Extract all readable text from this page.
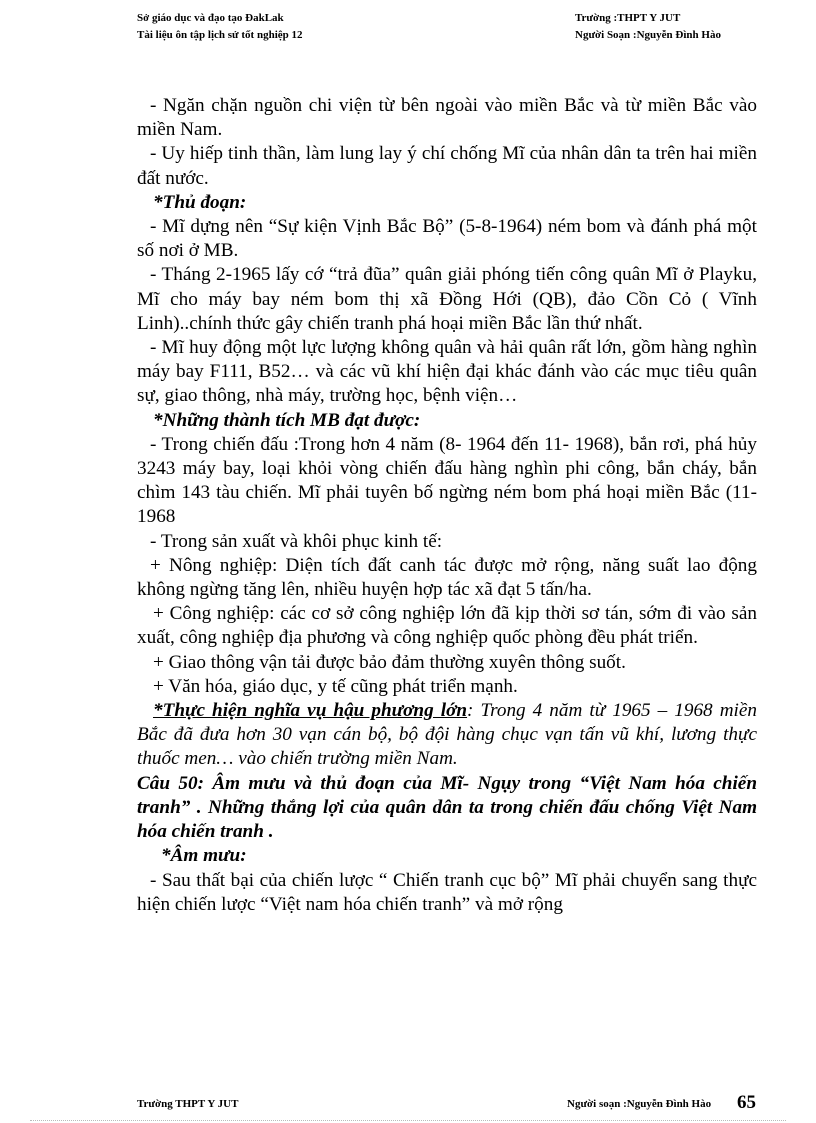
Sở giáo dục và đạo tạo ĐakLak
Tài liệu ôn tập lịch sử tốt nghiệp 12
Trường :THPT Y JUT
Người Soạn :Nguyễn Đình Hào

- Ngăn chặn nguồn chi viện từ bên ngoài vào miền Bắc và từ miền Bắc vào miền Nam.

- Uy hiếp tinh thần, làm lung lay ý chí chống Mĩ của nhân dân ta trên hai miền đất nước.

*Thủ đoạn:

- Mĩ dựng nên “Sự kiện Vịnh Bắc Bộ” (5-8-1964) ném bom và đánh phá một số nơi ở MB.

- Tháng 2-1965 lấy cớ “trả đũa” quân giải phóng tiến công quân Mĩ ở Playku, Mĩ cho máy bay ném bom thị xã Đồng Hới (QB), đảo Cồn Cỏ ( Vĩnh Linh)..chính thức gây chiến tranh phá hoại miền Bắc lần thứ nhất.

- Mĩ huy động một lực lượng không quân và hải quân rất lớn, gồm hàng nghìn máy bay F111, B52… và các vũ khí hiện đại khác đánh vào các mục tiêu quân sự, giao thông, nhà máy, trường học, bệnh viện…

*Những thành tích MB đạt được:

- Trong chiến đấu :Trong hơn 4 năm (8- 1964 đến 11- 1968), bắn rơi, phá hủy 3243 máy bay, loại khỏi vòng chiến đấu hàng nghìn phi công, bắn cháy, bắn chìm 143 tàu chiến. Mĩ phải tuyên bố ngừng ném bom phá hoại miền Bắc (11-1968

- Trong sản xuất và khôi phục kinh tế:

+ Nông nghiệp: Diện tích đất canh tác được mở rộng, năng suất lao động không ngừng tăng lên, nhiều huyện hợp tác xã đạt 5 tấn/ha.

+ Công nghiệp: các cơ sở công nghiệp lớn đã kịp thời sơ tán, sớm đi vào sản xuất, công nghiệp địa phương và công nghiệp quốc phòng đều phát triển.

+ Giao thông vận tải được bảo đảm thường xuyên thông suốt.

+ Văn hóa, giáo dục, y tế cũng phát triển mạnh.

*Thực hiện nghĩa vụ hậu phương lớn: Trong 4 năm từ 1965 – 1968 miền Bắc đã đưa hơn 30 vạn cán bộ, bộ đội hàng chục vạn tấn vũ khí, lương thực thuốc men… vào chiến trường miền Nam.

Câu 50: Âm mưu và thủ đoạn của Mĩ- Ngụy trong “Việt Nam hóa chiến tranh” . Những thắng lợi của quân dân ta trong chiến đấu chống Việt Nam hóa chiến tranh .

*Âm mưu:

- Sau thất bại của chiến lược “ Chiến tranh cục bộ” Mĩ phải chuyển sang thực hiện chiến lược “Việt nam hóa chiến tranh” và mở rộng

Trường THPT Y JUT	Người soạn :Nguyễn Đình Hào 65
